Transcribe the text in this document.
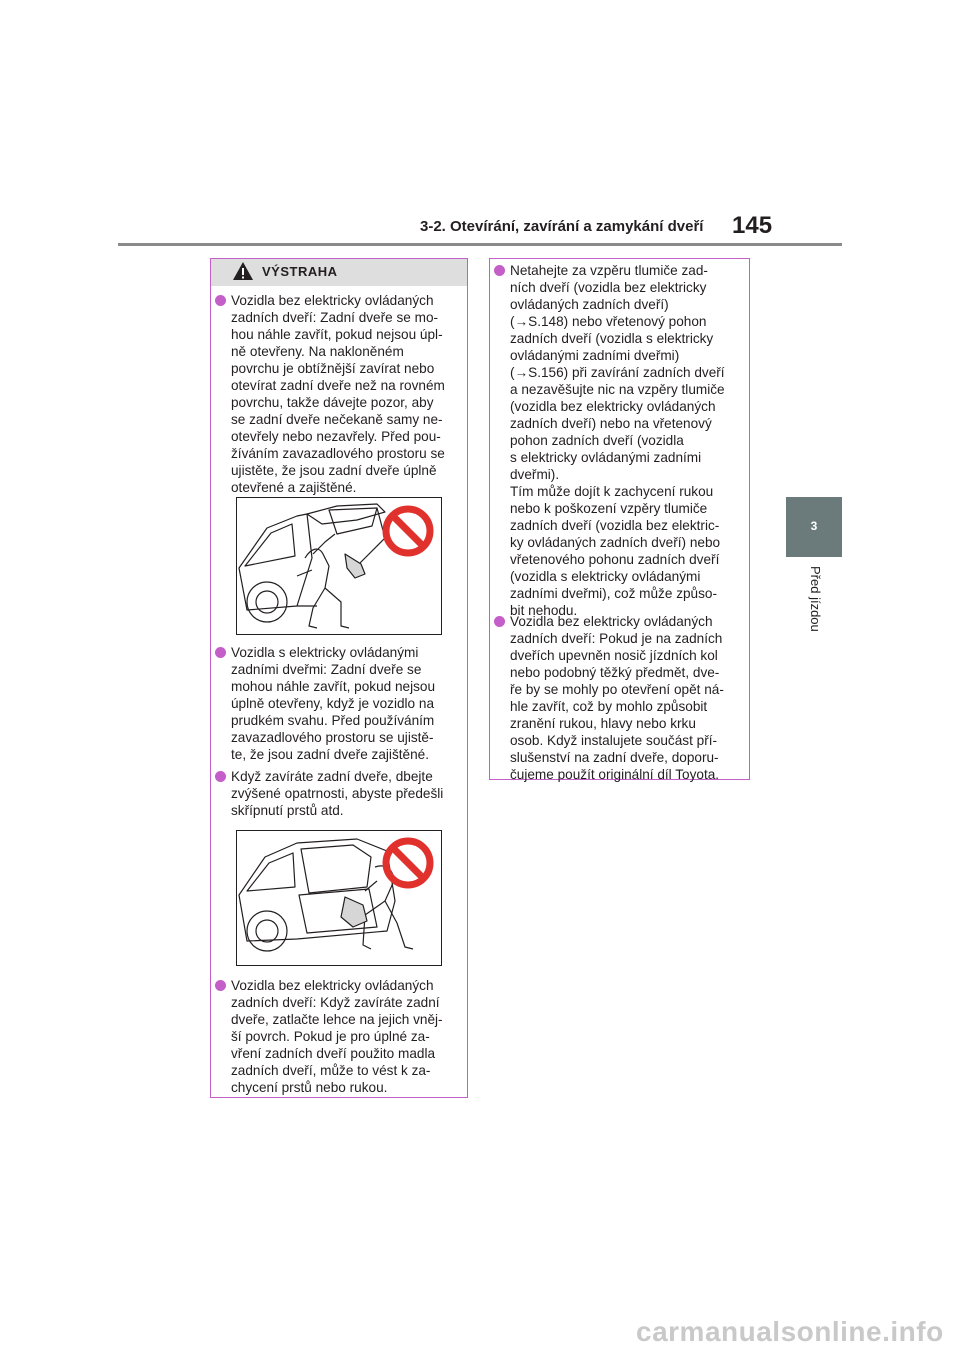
3-2. Otevírání, zavírání a zamykání dveří 145
3
Před jízdou
VÝSTRAHA
Vozidla bez elektricky ovládaných
zadních dveří: Zadní dveře se mo-
hou náhle zavřít, pokud nejsou úpl-
ně otevřeny. Na nakloněném
povrchu je obtížnější zavírat nebo
otevírat zadní dveře než na rovném
povrchu, takže dávejte pozor, aby
se zadní dveře nečekaně samy ne-
otevřely nebo nezavřely. Před pou-
žíváním zavazadlového prostoru se
ujistěte, že jsou zadní dveře úplně
otevřené a zajištěné.
Vozidla s elektricky ovládanými
zadními dveřmi: Zadní dveře se
mohou náhle zavřít, pokud nejsou
úplně otevřeny, když je vozidlo na
prudkém svahu. Před používáním
zavazadlového prostoru se ujistě-
te, že jsou zadní dveře zajištěné.
Když zavíráte zadní dveře, dbejte
zvýšené opatrnosti, abyste předešli
skřípnutí prstů atd.
Vozidla bez elektricky ovládaných
zadních dveří: Když zavíráte zadní
dveře, zatlačte lehce na jejich vněj-
ší povrch. Pokud je pro úplné za-
vření zadních dveří použito madla
zadních dveří, může to vést k za-
chycení prstů nebo rukou.
Netahejte za vzpěru tlumiče zad-
ních dveří (vozidla bez elektricky
ovládaných zadních dveří)
(→S.148) nebo vřetenový pohon
zadních dveří (vozidla s elektricky
ovládanými zadními dveřmi)
(→S.156) při zavírání zadních dveří
a nezavěšujte nic na vzpěry tlumiče
(vozidla bez elektricky ovládaných
zadních dveří) nebo na vřetenový
pohon zadních dveří (vozidla
s elektricky ovládanými zadními
dveřmi).
Tím může dojít k zachycení rukou
nebo k poškození vzpěry tlumiče
zadních dveří (vozidla bez elektric-
ky ovládaných zadních dveří) nebo
vřetenového pohonu zadních dveří
(vozidla s elektricky ovládanými
zadními dveřmi), což může způso-
bit nehodu.
Vozidla bez elektricky ovládaných
zadních dveří: Pokud je na zadních
dveřích upevněn nosič jízdních kol
nebo podobný těžký předmět, dve-
ře by se mohly po otevření opět ná-
hle zavřít, což by mohlo způsobit
zranění rukou, hlavy nebo krku
osob. Když instalujete součást pří-
slušenství na zadní dveře, doporu-
čujeme použít originální díl Toyota.
carmanualsonline.info
